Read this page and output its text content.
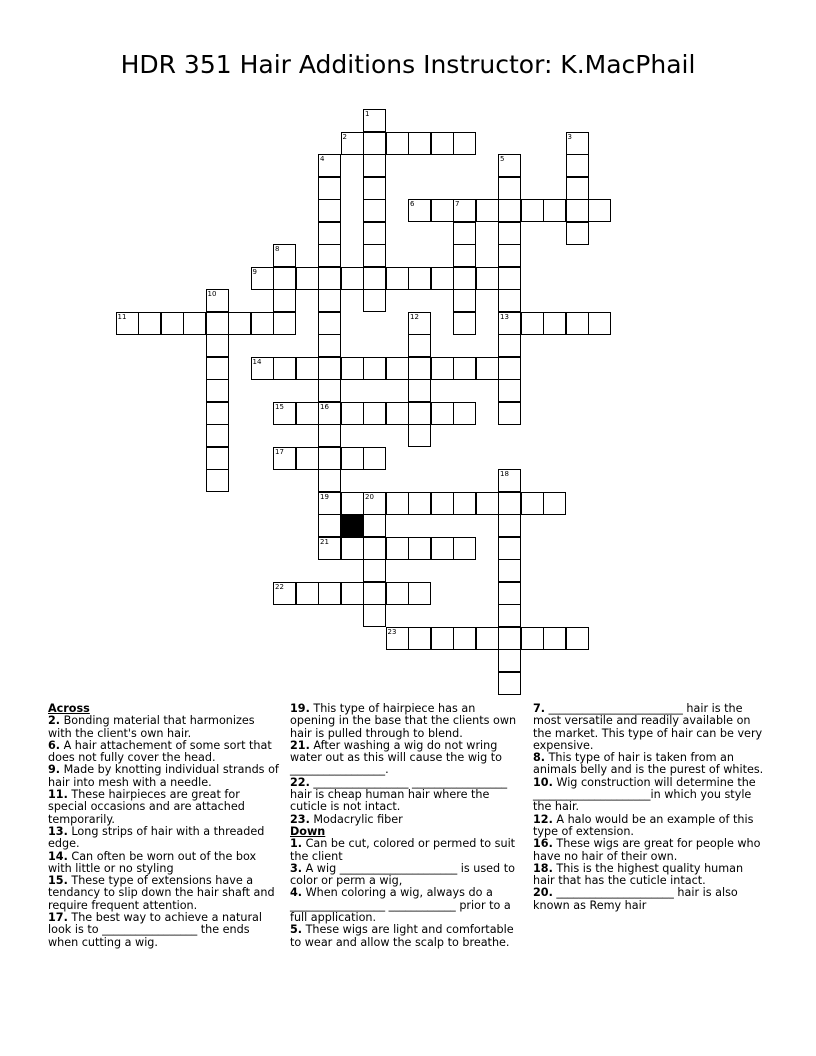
HDR 351 Hair Additions Instructor: K.MacPhail
1
2	3
4	5
13
6	7
8
9
10
11	12
14
15	16
19
17
18
20
21
22
23
Across
2. Bonding material that harmonizes with the client's own hair.
6. A hair attachement of some sort that does not fully cover the head.
9. Made by knotting individual strands of hair into mesh with a needle.
11. These hairpieces are great for special occasions and are attached temporarily.
13. Long strips of hair with a threaded edge.
14. Can often be worn out of the box with little or no styling
15. These type of extensions have a tendancy to slip down the hair shaft and require frequent attention.
17. The best way to achieve a natural look is to _________________ the ends when cutting a wig.
19. This type of hairpiece has an opening in the base that the clients own hair is pulled through to blend.
21. After washing a wig do not wring water out as this will cause the wig to _________________.
22. _________________ _________________ hair is cheap human hair where the cuticle is not intact.
23. Modacrylic fiber
Down
1. Can be cut, colored or permed to suit the client
3. A wig _____________________ is used to color or perm a wig,
4. When coloring a wig, always do a _________________ ____________ prior to a full application.
5. These wigs are light and comfortable to wear and allow the scalp to breathe.
7. ________________________ hair is the most versatile and readily available on the market. This type of hair can be very expensive.
8. This type of hair is taken from an animals belly and is the purest of whites.
10. Wig construction will determine the _____________________in which you style the hair.
12. A halo would be an example of this type of extension.
16. These wigs are great for people who have no hair of their own.
18. This is the highest quality human hair that has the cuticle intact.
20. _____________________ hair is also known as Remy hair
